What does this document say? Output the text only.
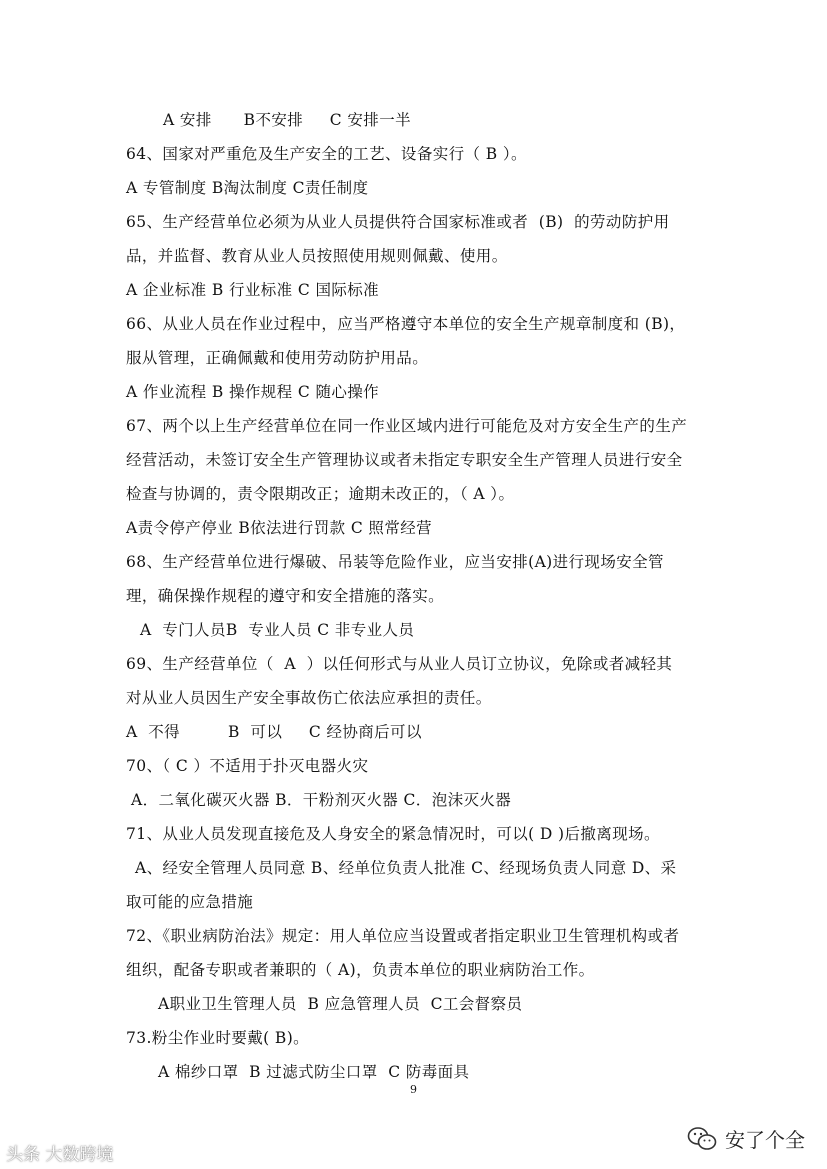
A 安排      B不安排     C 安排一半
64、国家对严重危及生产安全的工艺、设备实行（ B ）。
A 专管制度 B淘汰制度 C责任制度
65、生产经营单位必须为从业人员提供符合国家标准或者  (B)  的劳动防护用
品，并监督、教育从业人员按照使用规则佩戴、使用。
A 企业标准 B 行业标准 C 国际标准
66、从业人员在作业过程中，应当严格遵守本单位的安全生产规章制度和 (B)，
服从管理，正确佩戴和使用劳动防护用品。
A 作业流程 B 操作规程 C 随心操作
67、两个以上生产经营单位在同一作业区域内进行可能危及对方安全生产的生产
经营活动，未签订安全生产管理协议或者未指定专职安全生产管理人员进行安全
检查与协调的，责令限期改正；逾期未改正的，（ A ）。
A责令停产停业 B依法进行罚款 C 照常经营
68、生产经营单位进行爆破、吊装等危险作业，应当安排(A)进行现场安全管
理，确保操作规程的遵守和安全措施的落实。
A  专门人员B  专业人员 C 非专业人员
69、生产经营单位（  A  ）以任何形式与从业人员订立协议，免除或者减轻其
对从业人员因生产安全事故伤亡依法应承担的责任。
A  不得         B  可以     C 经协商后可以
70、（ C ）不适用于扑灭电器火灾
A．二氧化碳灭火器 B．干粉剂灭火器 C．泡沫灭火器
71、从业人员发现直接危及人身安全的紧急情况时，可以( D )后撤离现场。
A、经安全管理人员同意 B、经单位负责人批准 C、经现场负责人同意 D、采
取可能的应急措施
72、《职业病防治法》规定：用人单位应当设置或者指定职业卫生管理机构或者
组织，配备专职或者兼职的（ A)，负责本单位的职业病防治工作。
A职业卫生管理人员  B 应急管理人员  C工会督察员
73.粉尘作业时要戴( B)。
A 棉纱口罩  B 过滤式防尘口罩  C 防毒面具
9
头条 大数跨境
安了个全
